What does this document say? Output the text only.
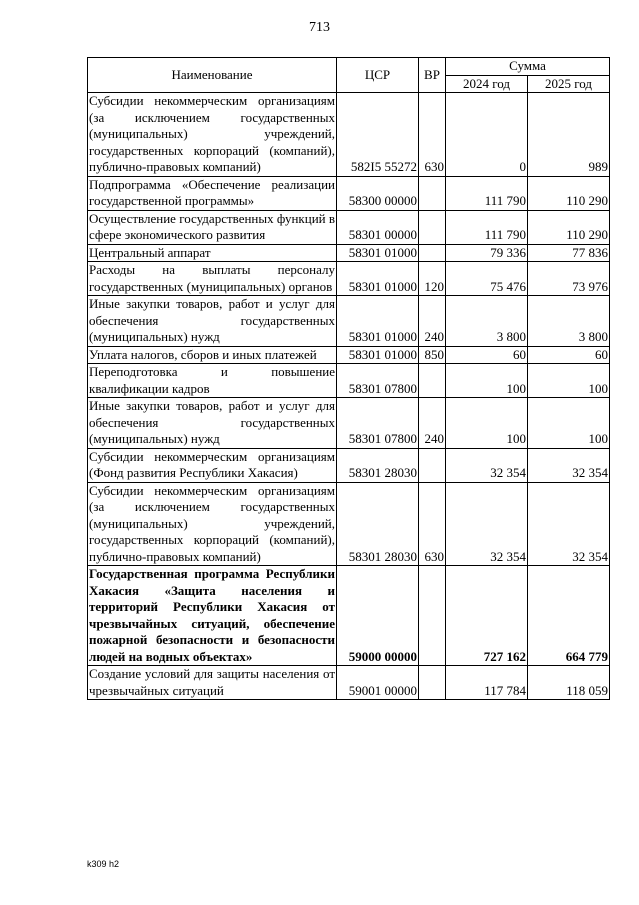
713
Наименование	ЦСР	ВР	Сумма	
			2024 год	2025 год
Субсидии некоммерческим организациям (за исключением государственных (муниципальных) учреждений, государственных корпораций (компаний), публично-правовых компаний)	582I5 55272	630	0	989
Подпрограмма «Обеспечение реализации государственной программы»	58300 00000		111 790	110 290
Осуществление государственных функций в сфере экономического развития	58301 00000		111 790	110 290
Центральный аппарат	58301 01000		79 336	77 836
Расходы на выплаты персоналу государственных (муниципальных) органов	58301 01000	120	75 476	73 976
Иные закупки товаров, работ и услуг для обеспечения государственных (муниципальных) нужд	58301 01000	240	3 800	3 800
Уплата налогов, сборов и иных платежей	58301 01000	850	60	60
Переподготовка и повышение квалификации кадров	58301 07800		100	100
Иные закупки товаров, работ и услуг для обеспечения государственных (муниципальных) нужд	58301 07800	240	100	100
Субсидии некоммерческим организациям (Фонд развития Республики Хакасия)	58301 28030		32 354	32 354
Субсидии некоммерческим организациям (за исключением государственных (муниципальных) учреждений, государственных корпораций (компаний), публично-правовых компаний)	58301 28030	630	32 354	32 354
Государственная программа Республики Хакасия «Защита населения и территорий Республики Хакасия от чрезвычайных ситуаций, обеспечение пожарной безопасности и безопасности людей на водных объектах»	59000 00000		727 162	664 779
Создание условий для защиты населения от чрезвычайных ситуаций	59001 00000		117 784	118 059
k309 h2
